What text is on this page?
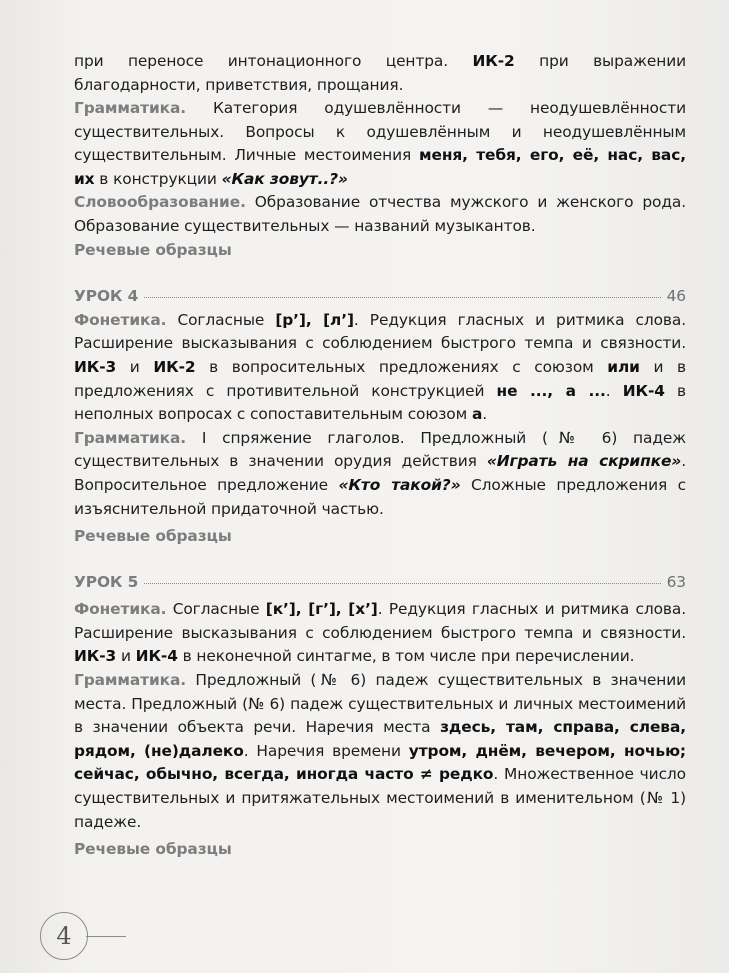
при переносе интонационного центра. ИК-2 при выражении благодарности, приветствия, прощания.

Грамматика. Категория одушевлённости — неодушевлённости существительных. Вопросы к одушевлённым и неодушевлённым существительным. Личные местоимения меня, тебя, его, её, нас, вас, их в конструкции «Как зовут..?»

Словообразование. Образование отчества мужского и женского рода. Образование существительных — названий музыкантов.

Речевые образцы

УРОК 4	46

Фонетика. Согласные [р’], [л’]. Редукция гласных и ритмика слова. Расширение высказывания с соблюдением быстрого темпа и связности. ИК-3 и ИК-2 в вопросительных предложениях с союзом или и в предложениях с противительной конструкцией не ..., а .... ИК-4 в неполных вопросах с сопоставительным союзом а.

Грамматика. I спряжение глаголов. Предложный (№ 6) падеж существительных в значении орудия действия «Играть на скрипке». Вопросительное предложение «Кто такой?» Сложные предложения с изъяснительной придаточной частью.

Речевые образцы

УРОК 5	63

Фонетика. Согласные [к’], [г’], [х’]. Редукция гласных и ритмика слова. Расширение высказывания с соблюдением быстрого темпа и связности. ИК-3 и ИК-4 в неконечной синтагме, в том числе при перечислении.

Грамматика. Предложный (№ 6) падеж существительных в значении места. Предложный (№ 6) падеж существительных и личных местоимений в значении объекта речи. Наречия места здесь, там, справа, слева, рядом, (не)далеко. Наречия времени утром, днём, вечером, ночью; сейчас, обычно, всегда, иногда часто ≠ редко. Множественное число существительных и притяжательных местоимений в именительном (№ 1) падеже.

Речевые образцы

4
